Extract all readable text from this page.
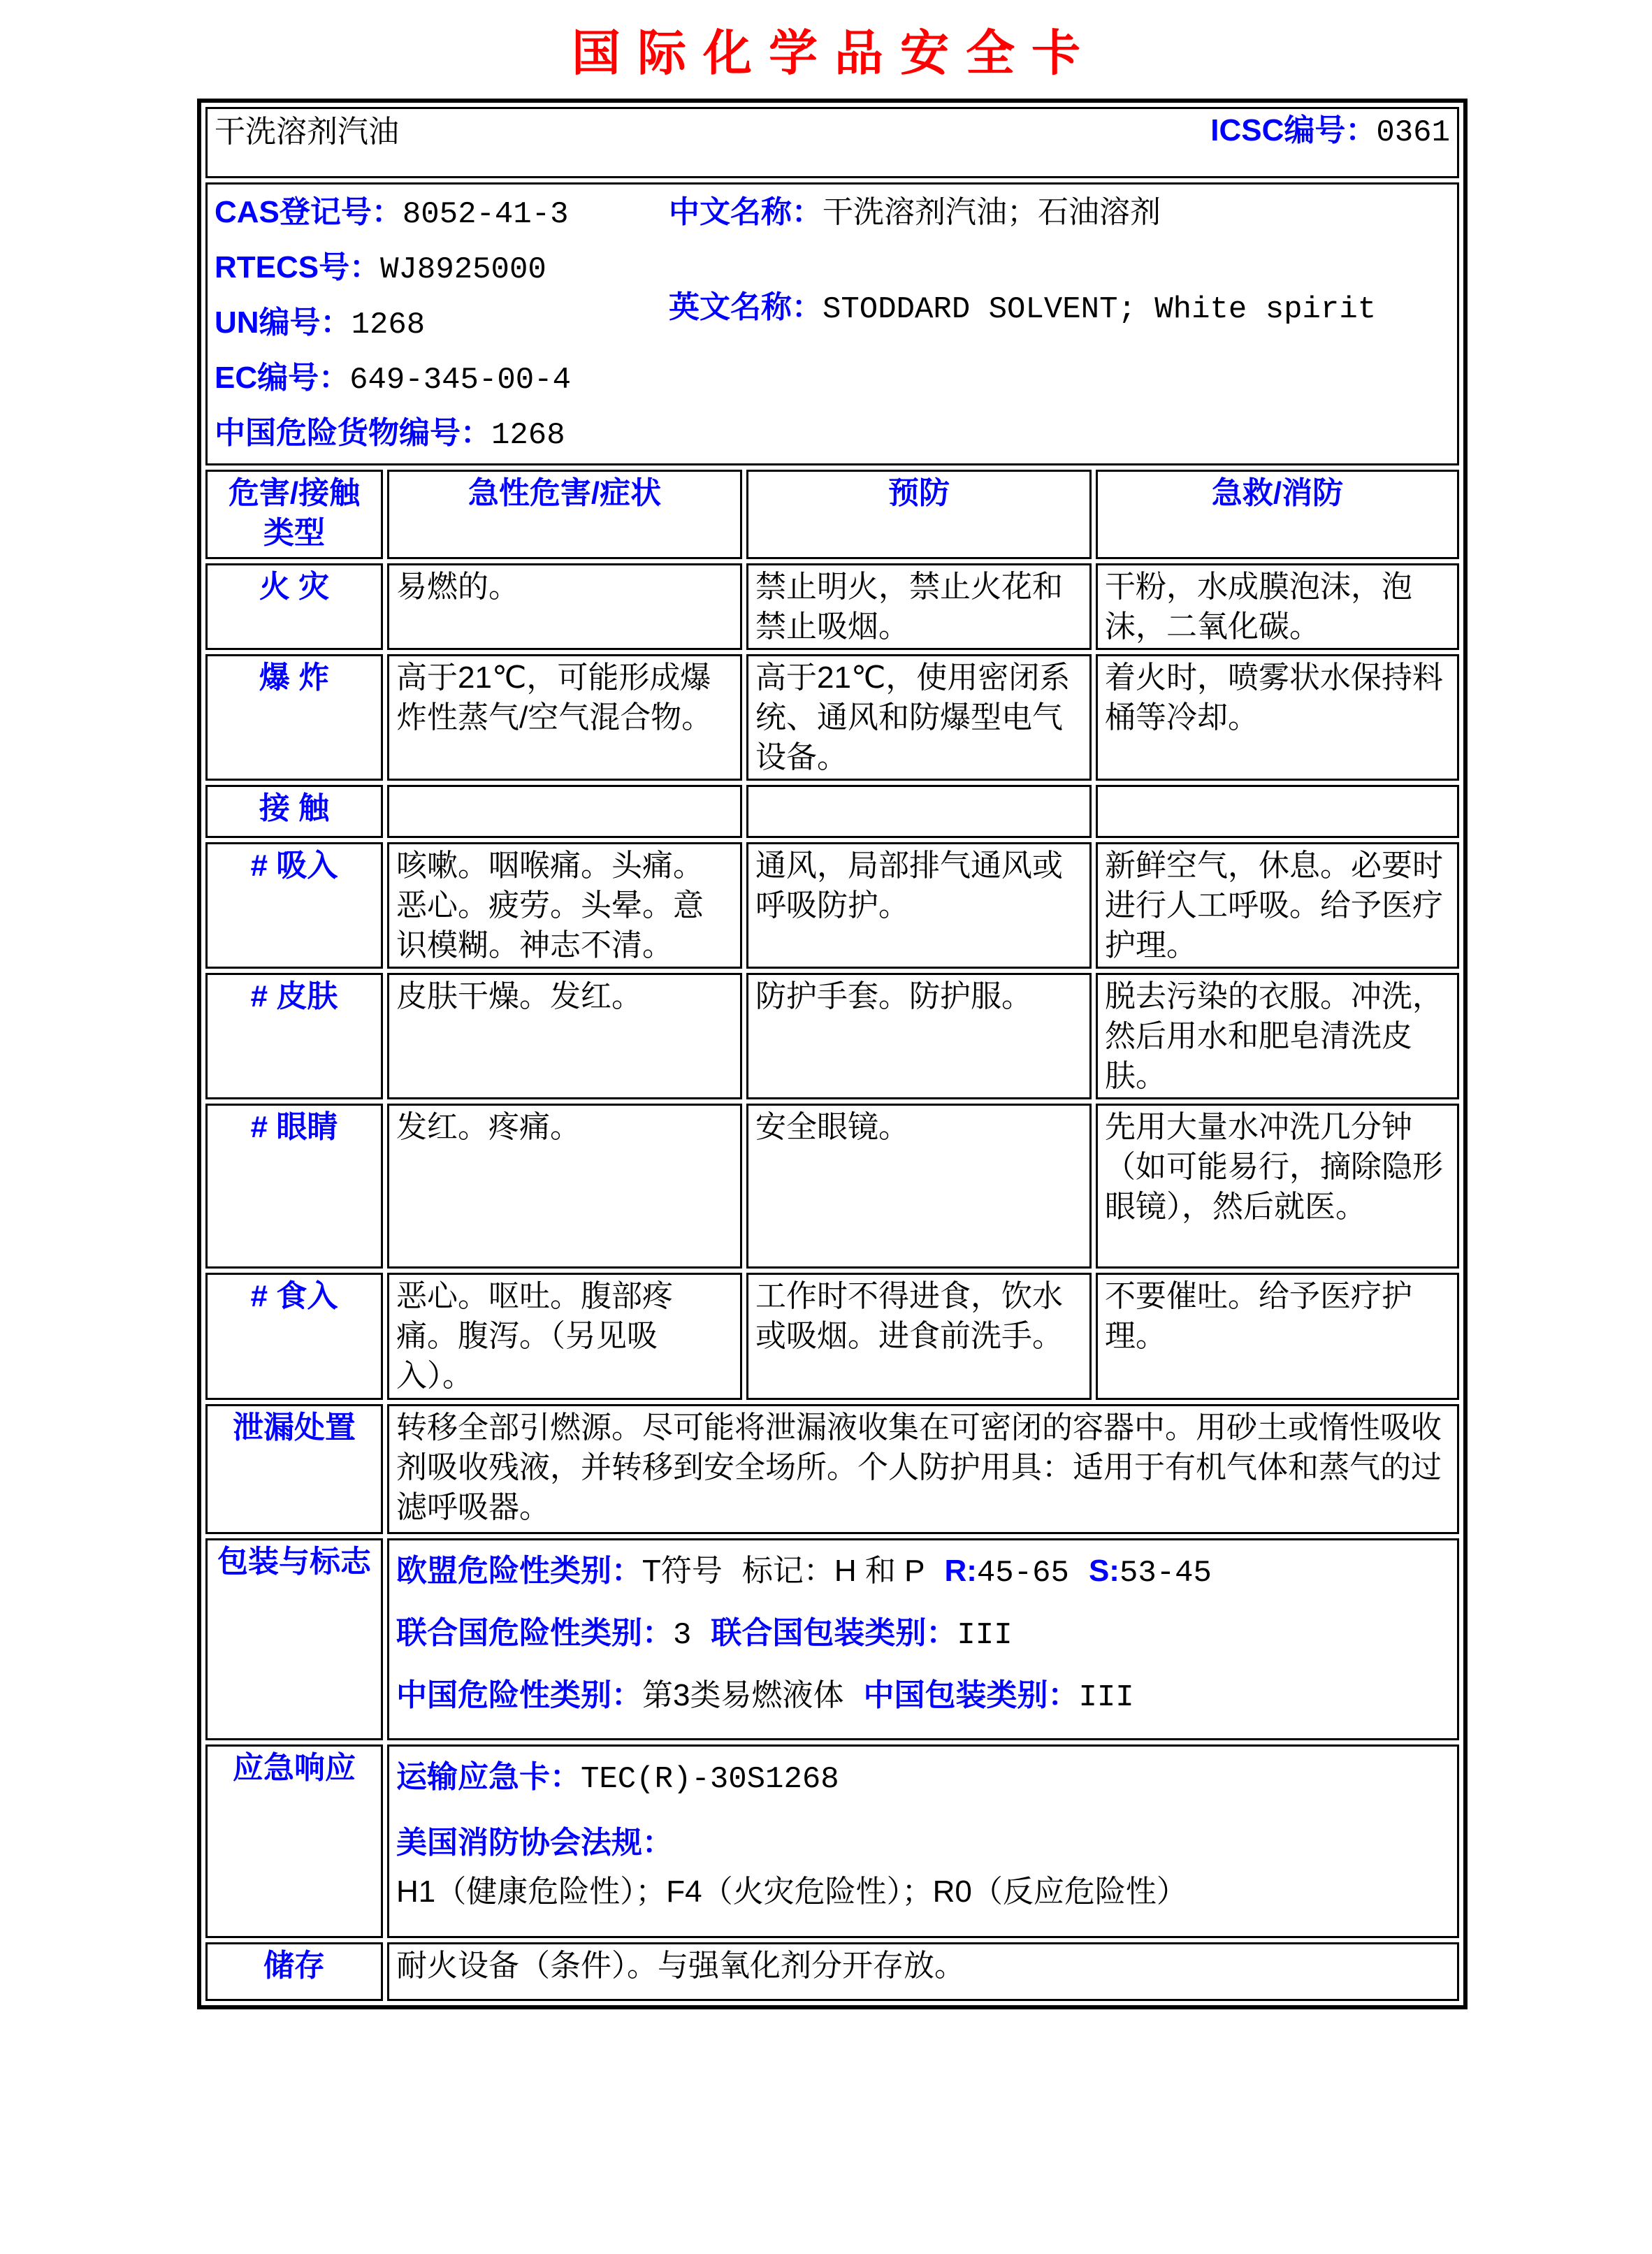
国际化学品安全卡
干洗溶剂汽油 ICSC编号：0361			

CAS登记号：8052-41-3
RTECS号：WJ8925000
UN编号：1268
EC编号：649-345-00-4
中国危险货物编号：1268
中文名称：干洗溶剂汽油；石油溶剂
英文名称：STODDARD SOLVENT; White spirit

危害/接触类型	急性危害/症状	预防	急救/消防
火 灾	易燃的。	禁止明火，禁止火花和禁止吸烟。	干粉，水成膜泡沫，泡沫，二氧化碳。
爆 炸	高于21℃，可能形成爆炸性蒸气/空气混合物。	高于21℃，使用密闭系统、通风和防爆型电气设备。	着火时，喷雾状水保持料桶等冷却。
接 触			
# 吸入	咳嗽。咽喉痛。头痛。恶心。疲劳。头晕。意识模糊。神志不清。	通风，局部排气通风或呼吸防护。	新鲜空气，休息。必要时进行人工呼吸。给予医疗护理。
# 皮肤	皮肤干燥。发红。	防护手套。防护服。	脱去污染的衣服。冲洗，然后用水和肥皂清洗皮肤。
# 眼睛	发红。疼痛。	安全眼镜。	先用大量水冲洗几分钟（如可能易行，摘除隐形眼镜），然后就医。
# 食入	恶心。呕吐。腹部疼痛。腹泻。（另见吸入）。	工作时不得进食，饮水或吸烟。进食前洗手。	不要催吐。给予医疗护理。
泄漏处置	转移全部引燃源。尽可能将泄漏液收集在可密闭的容器中。用砂土或惰性吸收剂吸收残液，并转移到安全场所。个人防护用具：适用于有机气体和蒸气的过滤呼吸器。		
包装与标志	欧盟危险性类别：T符号 标记：H 和 P R:45-65 S:53-45
联合国危险性类别：3 联合国包装类别：III
中国危险性类别：第3类易燃液体 中国包装类别：III		

应急响应	运输应急卡：TEC(R)-30S1268
美国消防协会法规：H1（健康危险性）；F4（火灾危险性）；R0（反应危险性）		

储存	耐火设备（条件）。与强氧化剂分开存放。		
